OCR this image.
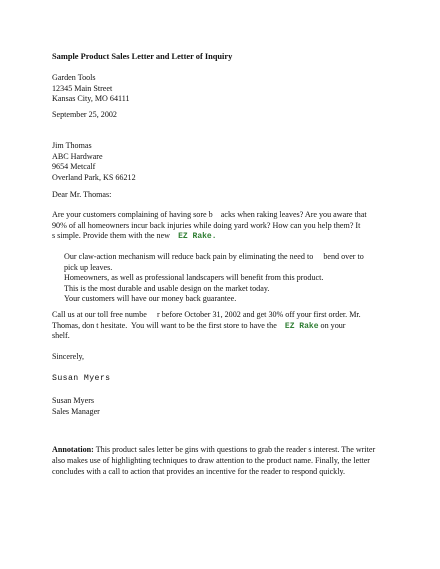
Sample Product Sales Letter and Letter of Inquiry
Garden Tools
12345 Main Street
Kansas City, MO 64111
September 25, 2002
Jim Thomas
ABC Hardware
9654 Metcalf
Overland Park, KS 66212
Dear Mr. Thomas:
Are your customers complaining of having sore b    acks when raking leaves? Are you aware that
90% of all homeowners incur back injuries while doing yard work? How can you help them? It
s simple. Provide them with the new EZ Rake.
Our claw-action mechanism will reduce back pain by eliminating the need to     bend over to
pick up leaves.
Homeowners, as well as professional landscapers will benefit from this product.
This is the most durable and usable design on the market today.
Your customers will have our money back guarantee.
Call us at our toll free numbe     r before October 31, 2002 and get 30% off your first order. Mr.
Thomas, don t hesitate.  You will want to be the first store to have the EZ Rake on your
shelf.
Sincerely,
Susan Myers
Susan Myers
Sales Manager
Annotation: This product sales letter be gins with questions to grab the reader s interest. The writer also makes use of highlighting techniques to draw attention to the product name. Finally, the letter concludes with a call to action that provides an incentive for the reader to respond quickly.
